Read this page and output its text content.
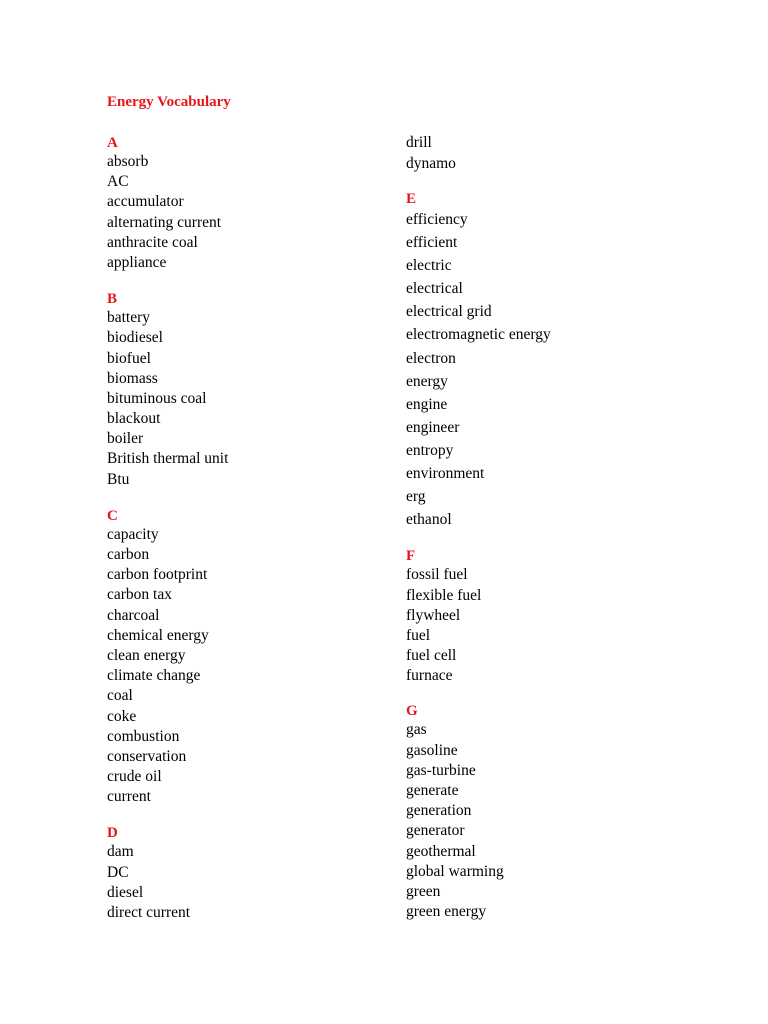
Energy Vocabulary
A
absorb
AC
accumulator
alternating current
anthracite coal
appliance
B
battery
biodiesel
biofuel
biomass
bituminous coal
blackout
boiler
British thermal unit
Btu
C
capacity
carbon
carbon footprint
carbon tax
charcoal
chemical energy
clean energy
climate change
coal
coke
combustion
conservation
crude oil
current
D
dam
DC
diesel
direct current
drill
dynamo
E
efficiency
efficient
electric
electrical
electrical grid
electromagnetic energy
electron
energy
engine
engineer
entropy
environment
erg
ethanol
F
fossil fuel
flexible fuel
flywheel
fuel
fuel cell
furnace
G
gas
gasoline
gas-turbine
generate
generation
generator
geothermal
global warming
green
green energy
